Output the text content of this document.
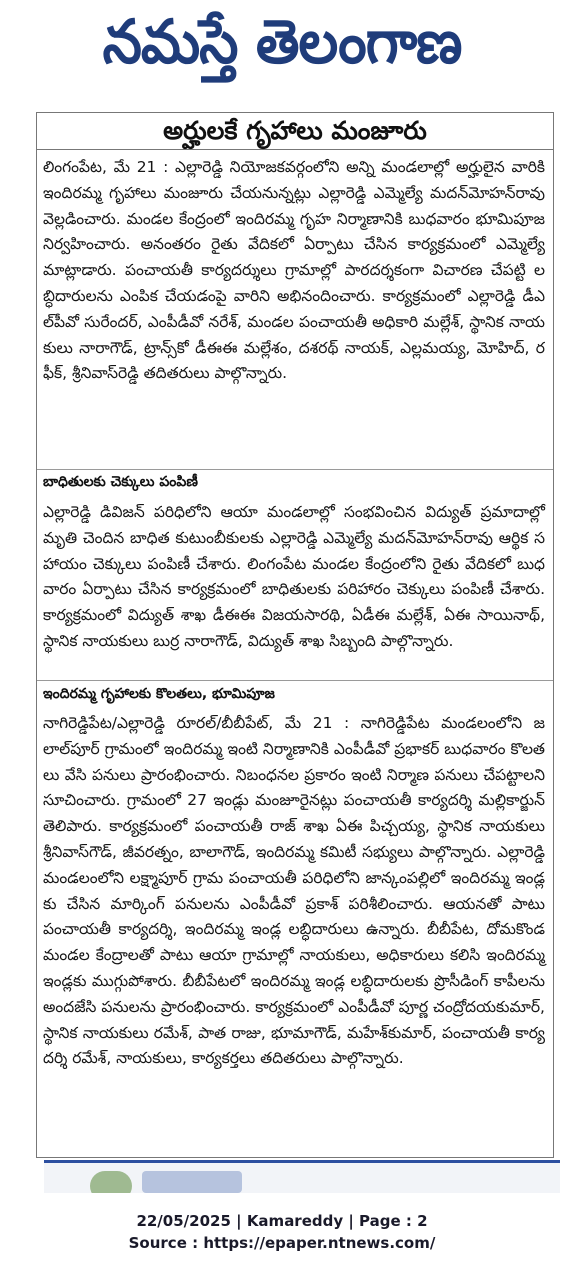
నమస్తే తెలంగాణ
అర్హులకే గృహాలు మంజూరు
లింగంపేట, మే 21 : ఎల్లారెడ్డి నియోజకవర్గంలోని అన్ని మండలాల్లో అర్హులైన వారికి ఇందిరమ్మ గృహాలు మంజూరు చేయనున్నట్లు ఎల్లారెడ్డి ఎమ్మెల్యే మదన్‌మోహన్‌రావు వెల్లడించారు. మండల కేంద్రంలో ఇందిరమ్మ గృహ నిర్మాణానికి బుధవారం భూమిపూజ నిర్వహించారు. అనంతరం రైతు వేదికలో ఏర్పాటు చేసిన కార్యక్రమంలో ఎమ్మెల్యే మాట్లాడారు. పంచాయతీ కార్యదర్శులు గ్రామాల్లో పారదర్శకంగా విచారణ చేపట్టి లబ్ధిదారులను ఎంపిక చేయడంపై వారిని అభినందించారు. కార్యక్రమంలో ఎల్లారెడ్డి డీఎల్‌పీవో సురేందర్, ఎంపీడీవో నరేశ్, మండల పంచాయతీ అధికారి మల్లేశ్, స్థానిక నాయకులు నారాగౌడ్, ట్రాన్స్‌కో డీఈఈ మల్లేశం, దశరథ్ నాయక్, ఎల్లమయ్య, మోహిద్, రఫీక్, శ్రీనివాస్‌రెడ్డి తదితరులు పాల్గొన్నారు.
బాధితులకు చెక్కులు పంపిణీ
ఎల్లారెడ్డి డివిజన్ పరిధిలోని ఆయా మండలాల్లో సంభవించిన విద్యుత్ ప్రమాదాల్లో మృతి చెందిన బాధిత కుటుంబీకులకు ఎల్లారెడ్డి ఎమ్మెల్యే మదన్‌మోహన్‌రావు ఆర్థిక సహాయం చెక్కులు పంపిణీ చేశారు. లింగంపేట మండల కేంద్రంలోని రైతు వేదికలో బుధవారం ఏర్పాటు చేసిన కార్యక్రమంలో బాధితులకు పరిహారం చెక్కులు పంపిణీ చేశారు. కార్యక్రమంలో విద్యుత్ శాఖ డీఈఈ విజయసారథి, ఏడీఈ మల్లేశ్, ఏఈ సాయినాథ్, స్థానిక నాయకులు బుర్ర నారాగౌడ్, విద్యుత్ శాఖ సిబ్బంది పాల్గొన్నారు.
ఇందిరమ్మ గృహాలకు కొలతలు, భూమిపూజ
నాగిరెడ్డిపేట/ఎల్లారెడ్డి రూరల్/బీబీపేట్, మే 21 : నాగిరెడ్డిపేట మండలంలోని జలాల్‌పూర్ గ్రామంలో ఇందిరమ్మ ఇంటి నిర్మాణానికి ఎంపీడీవో ప్రభాకర్ బుధవారం కొలతలు వేసి పనులు ప్రారంభించారు. నిబంధనల ప్రకారం ఇంటి నిర్మాణ పనులు చేపట్టాలని సూచించారు. గ్రామంలో 27 ఇండ్లు మంజూరైనట్లు పంచాయతీ కార్యదర్శి మల్లికార్జున్ తెలిపారు. కార్యక్రమంలో పంచాయతీ రాజ్ శాఖ ఏఈ పిచ్చయ్య, స్థానిక నాయకులు శ్రీనివాస్‌గౌడ్, జీవరత్నం, బాలాగౌడ్, ఇందిరమ్మ కమిటీ సభ్యులు పాల్గొన్నారు. ఎల్లారెడ్డి మండలంలోని లక్ష్మాపూర్ గ్రామ పంచాయతీ పరిధిలోని జాన్కంపల్లిలో ఇందిరమ్మ ఇండ్లకు చేసిన మార్కింగ్ పనులను ఎంపీడీవో ప్రకాశ్ పరిశీలించారు. ఆయనతో పాటు పంచాయతీ కార్యదర్శి, ఇందిరమ్మ ఇండ్ల లబ్ధిదారులు ఉన్నారు. బీబీపేట, దోమకొండ మండల కేంద్రాలతో పాటు ఆయా గ్రామాల్లో నాయకులు, అధికారులు కలిసి ఇందిరమ్మ ఇండ్లకు ముగ్గుపోశారు. బీబీపేటలో ఇందిరమ్మ ఇండ్ల లబ్ధిదారులకు ప్రొసీడింగ్ కాపీలను అందజేసి పనులను ప్రారంభించారు. కార్యక్రమంలో ఎంపీడీవో పూర్ణ చంద్రోదయకుమార్, స్థానిక నాయకులు రమేశ్, పాత రాజు, భూమాగౌడ్, మహేశ్‌కుమార్, పంచాయతీ కార్యదర్శి రమేశ్, నాయకులు, కార్యకర్తలు తదితరులు పాల్గొన్నారు.
22/05/2025 | Kamareddy | Page : 2
Source : https://epaper.ntnews.com/
